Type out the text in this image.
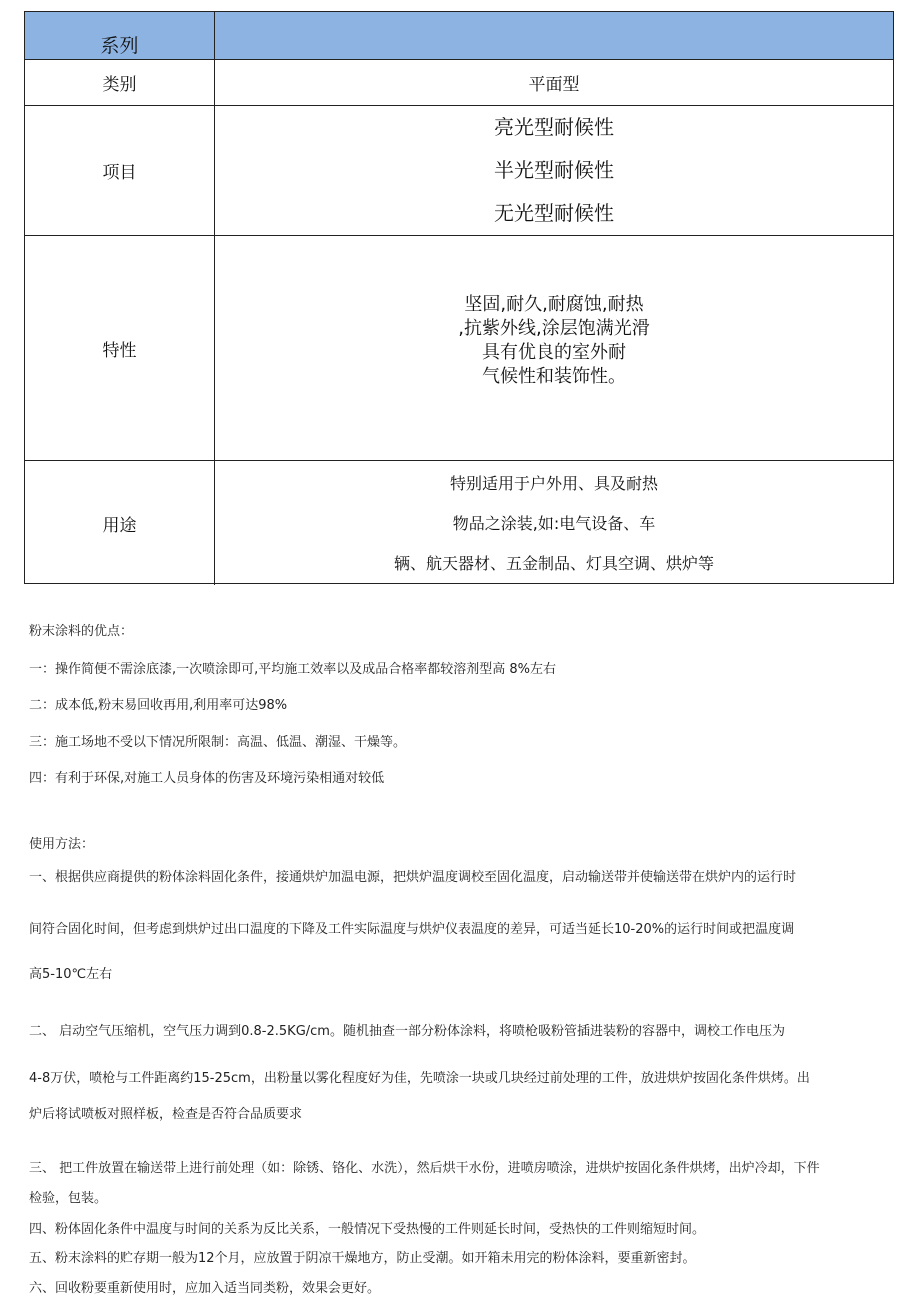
系列
类别	平面型
项目
亮光型耐候性
半光型耐候性
无光型耐候性
特性
坚固,耐久,耐腐蚀,耐热
,抗紫外线,涂层饱满光滑
具有优良的室外耐
气候性和装饰性。
用途
特别适用于户外用、具及耐热
物品之涂装,如:电气设备、车
辆、航天器材、五金制品、灯具空调、烘炉等
粉末涂料的优点：
一：操作简便不需涂底漆,一次喷涂即可,平均施工效率以及成品合格率都较溶剂型高 8%左右
二：成本低,粉末易回收再用,利用率可达98%
三：施工场地不受以下情况所限制：高温、低温、潮湿、干燥等。
四：有利于环保,对施工人员身体的伤害及环境污染相通对较低
使用方法：
一、根据供应商提供的粉体涂料固化条件，接通烘炉加温电源，把烘炉温度调校至固化温度，启动输送带并使输送带在烘炉内的运行时
间符合固化时间，但考虑到烘炉过出口温度的下降及工件实际温度与烘炉仪表温度的差异，可适当延长10-20%的运行时间或把温度调
高5-10℃左右
二、 启动空气压缩机，空气压力调到0.8-2.5KG/cm。随机抽查一部分粉体涂料，将喷枪吸粉管插进装粉的容器中，调校工作电压为
4-8万伏，喷枪与工件距离约15-25cm，出粉量以雾化程度好为佳，先喷涂一块或几块经过前处理的工件，放进烘炉按固化条件烘烤。出
炉后将试喷板对照样板，检查是否符合品质要求
三、 把工件放置在输送带上进行前处理（如：除锈、铬化、水洗），然后烘干水份，进喷房喷涂，进烘炉按固化条件烘烤，出炉冷却，下件
检验，包装。
四、粉体固化条件中温度与时间的关系为反比关系，一般情况下受热慢的工件则延长时间，受热快的工件则缩短时间。
五、粉末涂料的贮存期一般为12个月，应放置于阴凉干燥地方，防止受潮。如开箱未用完的粉体涂料，要重新密封。
六、回收粉要重新使用时，应加入适当同类粉，效果会更好。
